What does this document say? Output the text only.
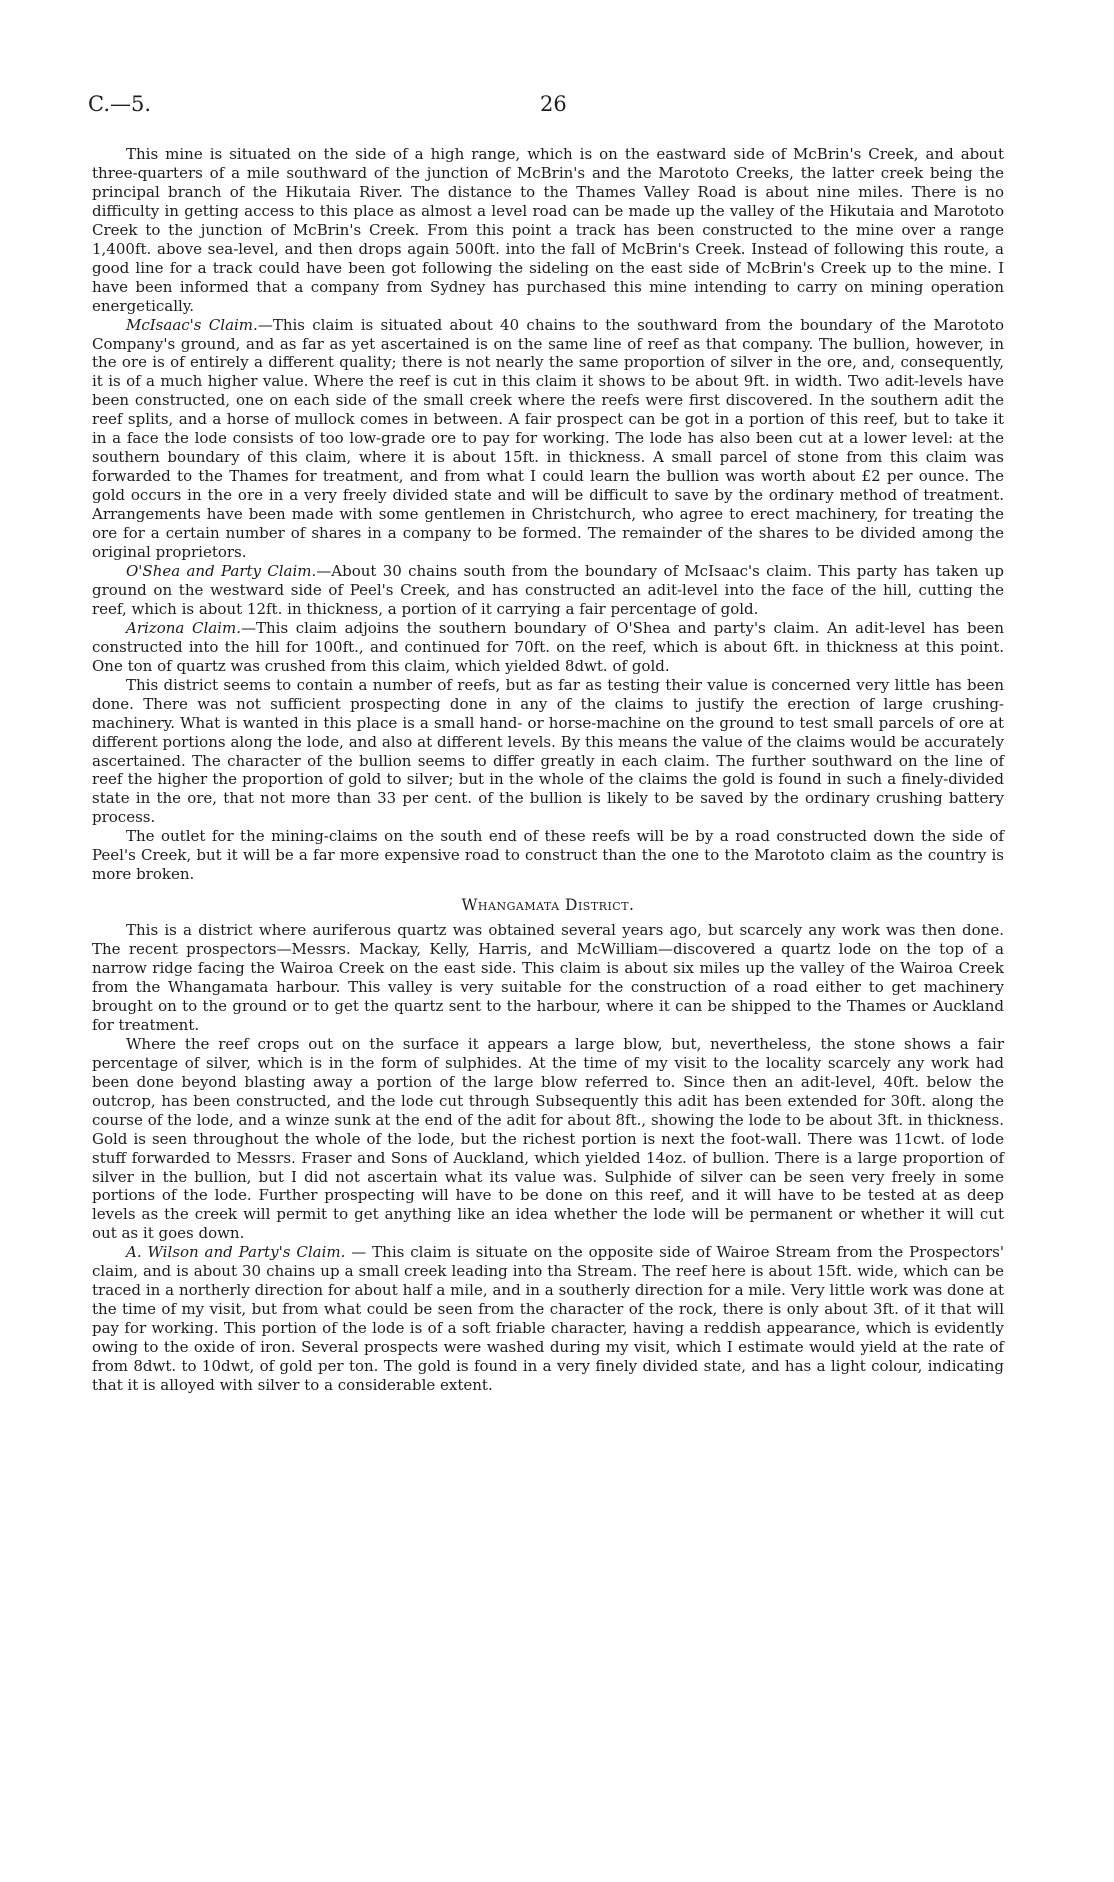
C.—5.	26

This mine is situated on the side of a high range, which is on the eastward side of McBrin's Creek, and about three-quarters of a mile southward of the junction of McBrin's and the Marototo Creeks, the latter creek being the principal branch of the Hikutaia River. The distance to the Thames Valley Road is about nine miles. There is no difficulty in getting access to this place as almost a level road can be made up the valley of the Hikutaia and Marototo Creek to the junction of McBrin's Creek. From this point a track has been constructed to the mine over a range 1,400ft. above sea-level, and then drops again 500ft. into the fall of McBrin's Creek. Instead of following this route, a good line for a track could have been got following the sideling on the east side of McBrin's Creek up to the mine. I have been informed that a company from Sydney has purchased this mine intending to carry on mining operation energetically.

McIsaac's Claim.—This claim is situated about 40 chains to the southward from the boundary of the Marototo Company's ground, and as far as yet ascertained is on the same line of reef as that company. The bullion, however, in the ore is of entirely a different quality; there is not nearly the same proportion of silver in the ore, and, consequently, it is of a much higher value. Where the reef is cut in this claim it shows to be about 9ft. in width. Two adit-levels have been constructed, one on each side of the small creek where the reefs were first discovered. In the southern adit the reef splits, and a horse of mullock comes in between. A fair prospect can be got in a portion of this reef, but to take it in a face the lode consists of too low-grade ore to pay for working. The lode has also been cut at a lower level: at the southern boundary of this claim, where it is about 15ft. in thickness. A small parcel of stone from this claim was forwarded to the Thames for treatment, and from what I could learn the bullion was worth about £2 per ounce. The gold occurs in the ore in a very freely divided state and will be difficult to save by the ordinary method of treatment. Arrangements have been made with some gentlemen in Christchurch, who agree to erect machinery, for treating the ore for a certain number of shares in a company to be formed. The remainder of the shares to be divided among the original proprietors.

O'Shea and Party Claim.—About 30 chains south from the boundary of McIsaac's claim. This party has taken up ground on the westward side of Peel's Creek, and has constructed an adit-level into the face of the hill, cutting the reef, which is about 12ft. in thickness, a portion of it carrying a fair percentage of gold.

Arizona Claim.—This claim adjoins the southern boundary of O'Shea and party's claim. An adit-level has been constructed into the hill for 100ft., and continued for 70ft. on the reef, which is about 6ft. in thickness at this point. One ton of quartz was crushed from this claim, which yielded 8dwt. of gold.

This district seems to contain a number of reefs, but as far as testing their value is concerned very little has been done. There was not sufficient prospecting done in any of the claims to justify the erection of large crushing-machinery. What is wanted in this place is a small hand- or horse-machine on the ground to test small parcels of ore at different portions along the lode, and also at different levels. By this means the value of the claims would be accurately ascertained. The character of the bullion seems to differ greatly in each claim. The further southward on the line of reef the higher the proportion of gold to silver; but in the whole of the claims the gold is found in such a finely-divided state in the ore, that not more than 33 per cent. of the bullion is likely to be saved by the ordinary crushing battery process.

The outlet for the mining-claims on the south end of these reefs will be by a road constructed down the side of Peel's Creek, but it will be a far more expensive road to construct than the one to the Marototo claim as the country is more broken.

Whangamata District.

This is a district where auriferous quartz was obtained several years ago, but scarcely any work was then done. The recent prospectors—Messrs. Mackay, Kelly, Harris, and McWilliam—discovered a quartz lode on the top of a narrow ridge facing the Wairoa Creek on the east side. This claim is about six miles up the valley of the Wairoa Creek from the Whangamata harbour. This valley is very suitable for the construction of a road either to get machinery brought on to the ground or to get the quartz sent to the harbour, where it can be shipped to the Thames or Auckland for treatment.

Where the reef crops out on the surface it appears a large blow, but, nevertheless, the stone shows a fair percentage of silver, which is in the form of sulphides. At the time of my visit to the locality scarcely any work had been done beyond blasting away a portion of the large blow referred to. Since then an adit-level, 40ft. below the outcrop, has been constructed, and the lode cut through Subsequently this adit has been extended for 30ft. along the course of the lode, and a winze sunk at the end of the adit for about 8ft., showing the lode to be about 3ft. in thickness. Gold is seen throughout the whole of the lode, but the richest portion is next the foot-wall. There was 11cwt. of lode stuff forwarded to Messrs. Fraser and Sons of Auckland, which yielded 14oz. of bullion. There is a large proportion of silver in the bullion, but I did not ascertain what its value was. Sulphide of silver can be seen very freely in some portions of the lode. Further prospecting will have to be done on this reef, and it will have to be tested at as deep levels as the creek will permit to get anything like an idea whether the lode will be permanent or whether it will cut out as it goes down.

A. Wilson and Party's Claim. — This claim is situate on the opposite side of Wairoe Stream from the Prospectors' claim, and is about 30 chains up a small creek leading into tha Stream. The reef here is about 15ft. wide, which can be traced in a northerly direction for about half a mile, and in a southerly direction for a mile. Very little work was done at the time of my visit, but from what could be seen from the character of the rock, there is only about 3ft. of it that will pay for working. This portion of the lode is of a soft friable character, having a reddish appearance, which is evidently owing to the oxide of iron. Several prospects were washed during my visit, which I estimate would yield at the rate of from 8dwt. to 10dwt, of gold per ton. The gold is found in a very finely divided state, and has a light colour, indicating that it is alloyed with silver to a considerable extent.
